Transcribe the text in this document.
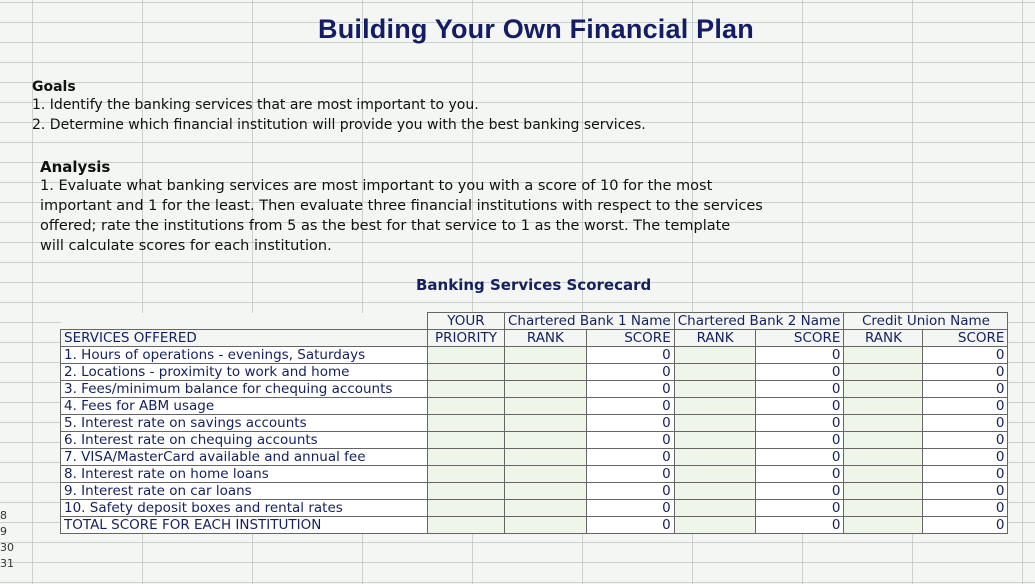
8
9
30
31
Building Your Own Financial Plan
Goals
1. Identify the banking services that are most important to you.
2. Determine which financial institution will provide you with the best banking services.
Analysis
1. Evaluate what banking services are most important to you with a score of 10 for the most
important and 1 for the least. Then evaluate three financial institutions with respect to the services
offered; rate the institutions from 5 as the best for that service to 1 as the worst. The template
will calculate scores for each institution.
Banking Services Scorecard
	YOUR	Chartered Bank 1 Name		Chartered Bank 2 Name		Credit Union Name	
SERVICES OFFERED	PRIORITY	RANK	SCORE	RANK	SCORE	RANK	SCORE
1. Hours of operations - evenings, Saturdays			0		0		0
2. Locations - proximity to work and home			0		0		0
3. Fees/minimum balance for chequing accounts			0		0		0
4. Fees for ABM usage			0		0		0
5. Interest rate on savings accounts			0		0		0
6. Interest rate on chequing accounts			0		0		0
7. VISA/MasterCard available and annual fee			0		0		0
8. Interest rate on home loans			0		0		0
9. Interest rate on car loans			0		0		0
10. Safety deposit boxes and rental rates			0		0		0
TOTAL SCORE FOR EACH INSTITUTION			0		0		0
